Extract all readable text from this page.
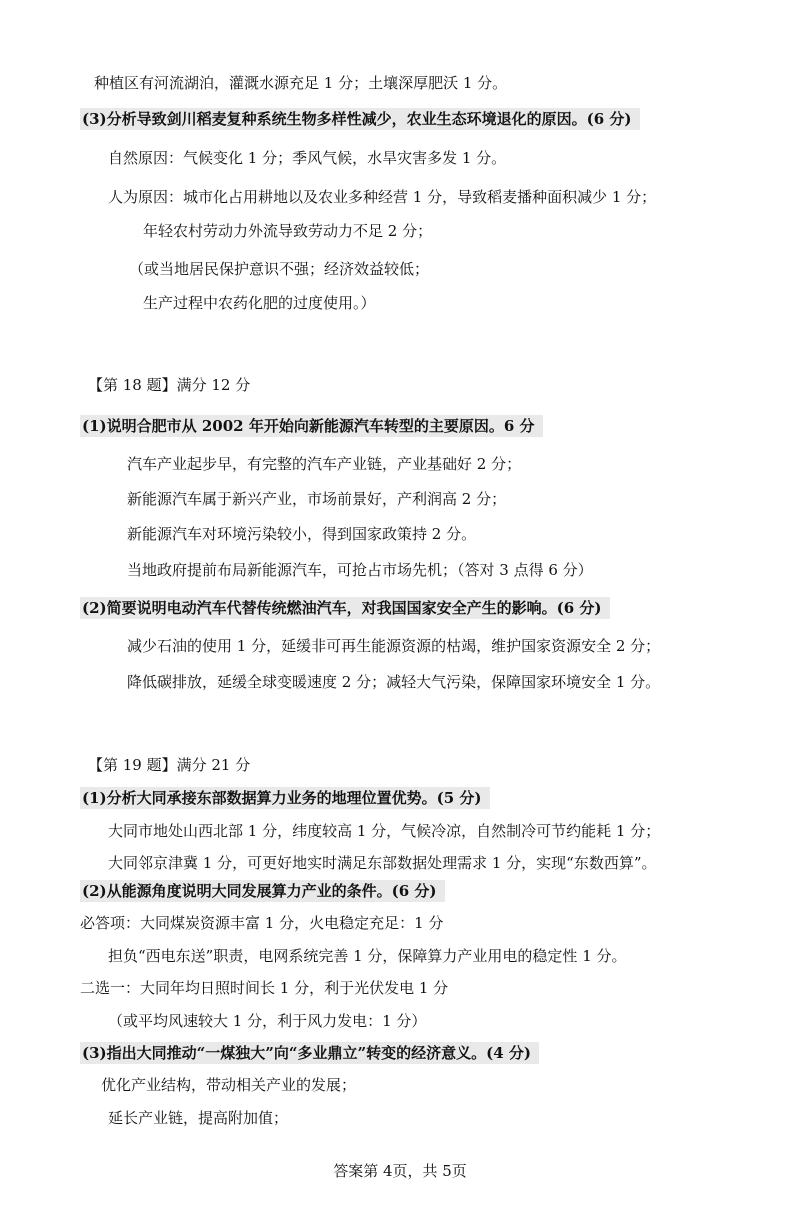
种植区有河流湖泊，灌溉水源充足 1 分；土壤深厚肥沃 1 分。
(3)分析导致剑川稻麦复种系统生物多样性减少，农业生态环境退化的原因。(6 分)
自然原因：气候变化 1 分；季风气候，水旱灾害多发 1 分。
人为原因：城市化占用耕地以及农业多种经营 1 分，导致稻麦播种面积减少 1 分；
年轻农村劳动力外流导致劳动力不足 2 分；
（或当地居民保护意识不强；经济效益较低；
生产过程中农药化肥的过度使用。）
【第 18 题】满分 12 分
(1)说明合肥市从 2002 年开始向新能源汽车转型的主要原因。6 分
汽车产业起步早，有完整的汽车产业链，产业基础好 2 分；
新能源汽车属于新兴产业，市场前景好，产利润高 2 分；
新能源汽车对环境污染较小，得到国家政策持 2 分。
当地政府提前布局新能源汽车，可抢占市场先机；（答对 3 点得 6 分）
(2)简要说明电动汽车代替传统燃油汽车，对我国国家安全产生的影响。(6 分)
减少石油的使用 1 分，延缓非可再生能源资源的枯竭，维护国家资源安全 2 分；
降低碳排放，延缓全球变暖速度 2 分；减轻大气污染，保障国家环境安全 1 分。
【第 19 题】满分 21 分
(1)分析大同承接东部数据算力业务的地理位置优势。(5 分)
大同市地处山西北部 1 分，纬度较高 1 分，气候冷凉，自然制冷可节约能耗 1 分；
大同邻京津冀 1 分，可更好地实时满足东部数据处理需求 1 分，实现“东数西算”。
(2)从能源角度说明大同发展算力产业的条件。(6 分)
必答项：大同煤炭资源丰富 1 分，火电稳定充足：1 分
担负“西电东送”职责，电网系统完善 1 分，保障算力产业用电的稳定性 1 分。
二选一：大同年均日照时间长 1 分，利于光伏发电 1 分
（或平均风速较大 1 分，利于风力发电：1 分）
(3)指出大同推动“一煤独大”向“多业鼎立”转变的经济意义。(4 分)
优化产业结构，带动相关产业的发展；
延长产业链，提高附加值；
答案第 4页，共 5页
